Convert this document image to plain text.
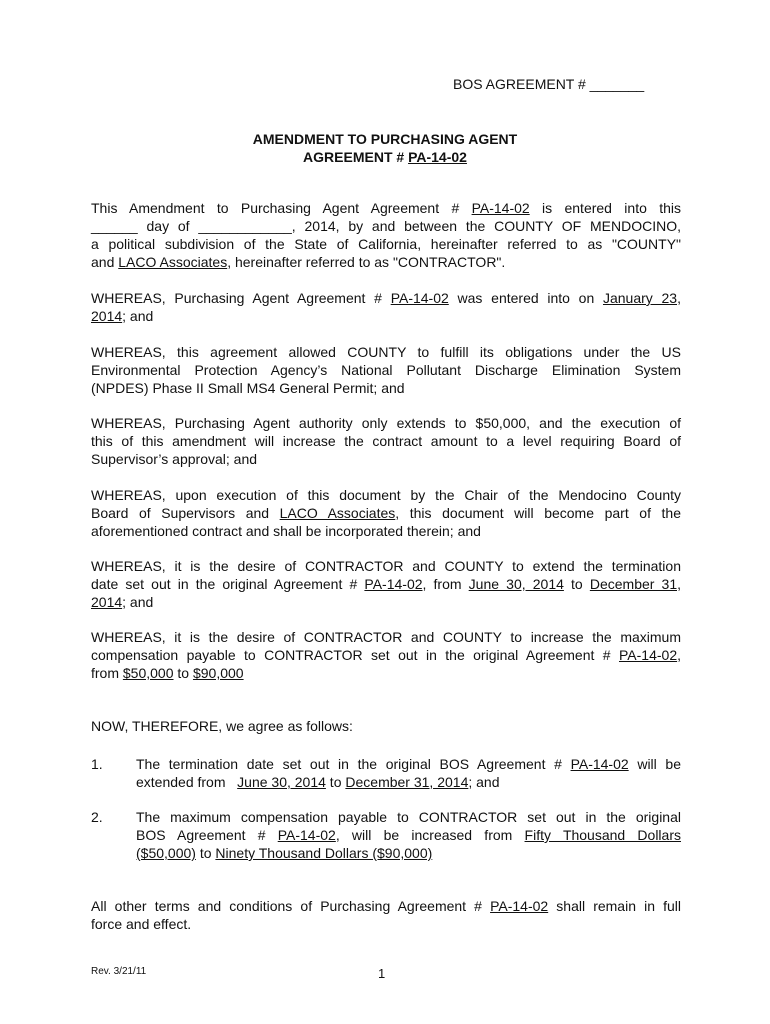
BOS AGREEMENT # _______
AMENDMENT TO PURCHASING AGENT
AGREEMENT # PA-14-02
This Amendment to Purchasing Agent Agreement # PA-14-02 is entered into this
______ day of ____________, 2014, by and between the COUNTY OF MENDOCINO,
a political subdivision of the State of California, hereinafter referred to as "COUNTY"
and LACO Associates, hereinafter referred to as "CONTRACTOR".
WHEREAS, Purchasing Agent Agreement # PA-14-02 was entered into on January 23,
2014; and
WHEREAS, this agreement allowed COUNTY to fulfill its obligations under the US
Environmental Protection Agency’s National Pollutant Discharge Elimination System
(NPDES) Phase II Small MS4 General Permit; and
WHEREAS, Purchasing Agent authority only extends to $50,000, and the execution of
this of this amendment will increase the contract amount to a level requiring Board of
Supervisor’s approval; and
WHEREAS, upon execution of this document by the Chair of the Mendocino County
Board of Supervisors and LACO Associates, this document will become part of the
aforementioned contract and shall be incorporated therein; and
WHEREAS, it is the desire of CONTRACTOR and COUNTY to extend the termination
date set out in the original Agreement # PA-14-02, from June 30, 2014 to December 31,
2014; and
WHEREAS, it is the desire of CONTRACTOR and COUNTY to increase the maximum
compensation payable to CONTRACTOR set out in the original Agreement # PA-14-02,
from $50,000 to $90,000
NOW, THEREFORE, we agree as follows:
1. The termination date set out in the original BOS Agreement # PA-14-02 will be
extended from   June 30, 2014 to December 31, 2014; and
2. The maximum compensation payable to CONTRACTOR set out in the original
BOS Agreement # PA-14-02, will be increased from Fifty Thousand Dollars
($50,000) to Ninety Thousand Dollars ($90,000)
All other terms and conditions of Purchasing Agreement # PA-14-02 shall remain in full
force and effect.
Rev. 3/21/11	1
